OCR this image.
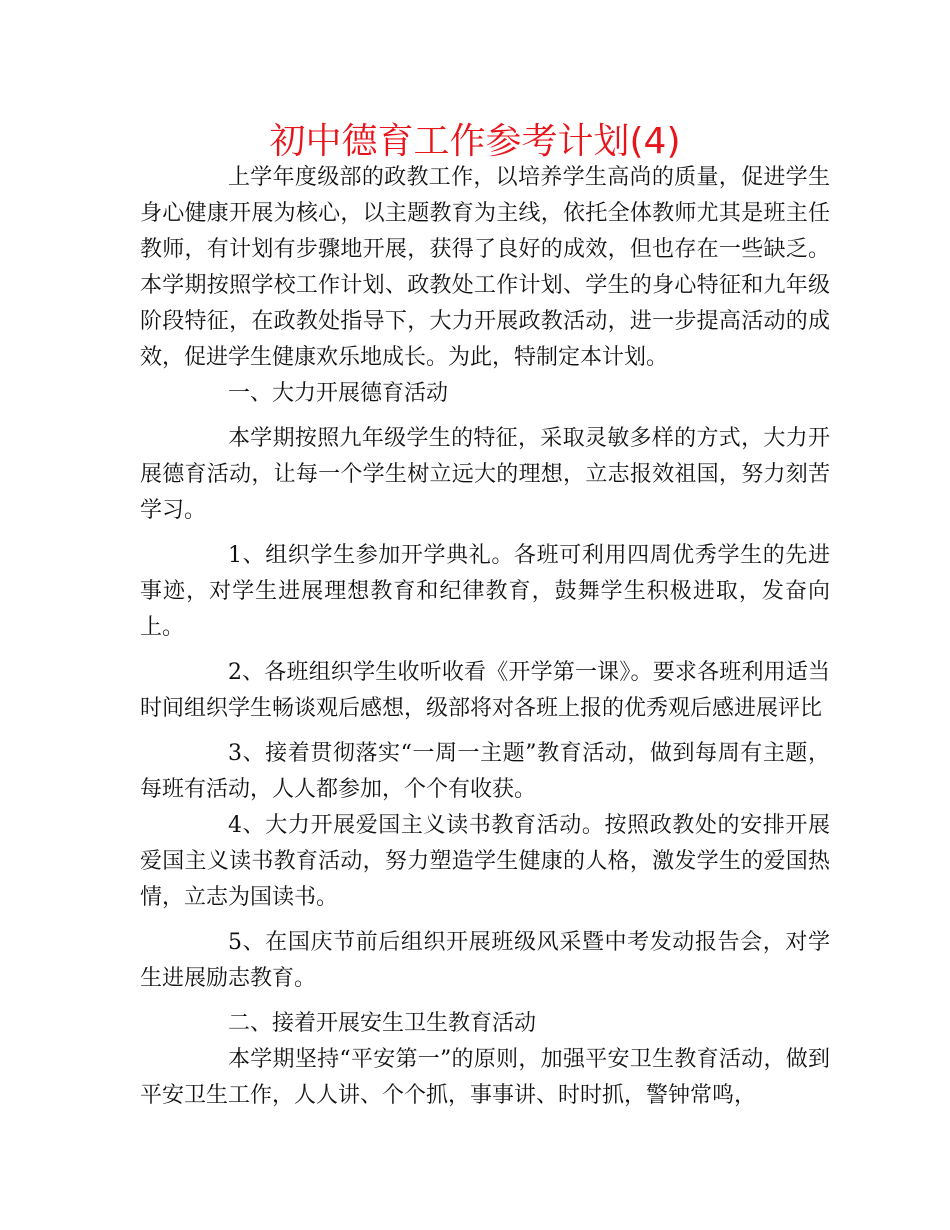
初中德育工作参考计划(4)

上学年度级部的政教工作，以培养学生高尚的质量，促进学生身心健康开展为核心，以主题教育为主线，依托全体教师尤其是班主任教师，有计划有步骤地开展，获得了良好的成效，但也存在一些缺乏。本学期按照学校工作计划、政教处工作计划、学生的身心特征和九年级阶段特征，在政教处指导下，大力开展政教活动，进一步提高活动的成效，促进学生健康欢乐地成长。为此，特制定本计划。

一、大力开展德育活动

本学期按照九年级学生的特征，采取灵敏多样的方式，大力开展德育活动，让每一个学生树立远大的理想，立志报效祖国，努力刻苦学习。

1、组织学生参加开学典礼。各班可利用四周优秀学生的先进事迹，对学生进展理想教育和纪律教育，鼓舞学生积极进取，发奋向上。

2、各班组织学生收听收看《开学第一课》。要求各班利用适当时间组织学生畅谈观后感想，级部将对各班上报的优秀观后感进展评比

3、接着贯彻落实“一周一主题”教育活动，做到每周有主题，每班有活动，人人都参加，个个有收获。

4、大力开展爱国主义读书教育活动。按照政教处的安排开展爱国主义读书教育活动，努力塑造学生健康的人格，激发学生的爱国热情，立志为国读书。

5、在国庆节前后组织开展班级风采暨中考发动报告会，对学生进展励志教育。

二、接着开展安生卫生教育活动

本学期坚持“平安第一”的原则，加强平安卫生教育活动，做到平安卫生工作，人人讲、个个抓，事事讲、时时抓，警钟常鸣，
